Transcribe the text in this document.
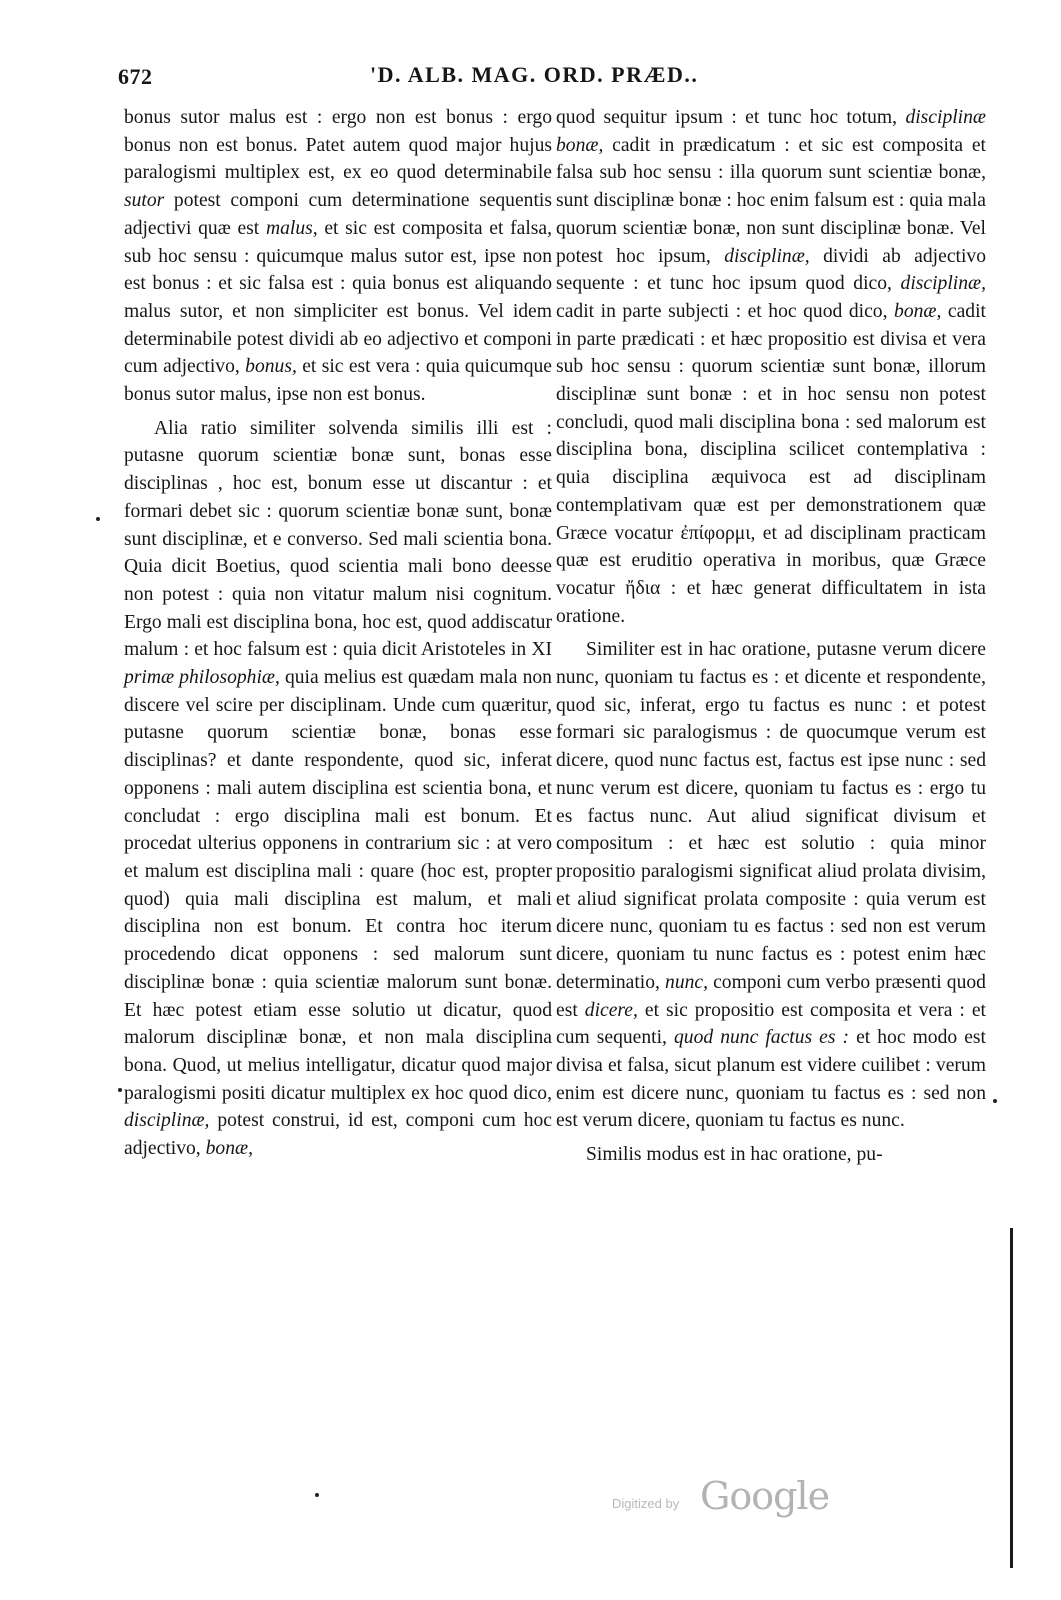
672	'D. ALB. MAG. ORD. PRÆD..

bonus sutor malus est : ergo non est bonus : ergo bonus non est bonus. Patet autem quod major hujus paralogismi multiplex est, ex eo quod determinabile sutor potest componi cum determinatione sequentis adjectivi quæ est malus, et sic est composita et falsa, sub hoc sensu : quicumque malus sutor est, ipse non est bonus : et sic falsa est : quia bonus est aliquando malus sutor, et non simpliciter est bonus. Vel idem determinabile potest dividi ab eo adjectivo et componi cum adjectivo, bonus, et sic est vera : quia quicumque bonus sutor malus, ipse non est bonus.

Alia ratio similiter solvenda similis illi est : putasne quorum scientiæ bonæ sunt, bonas esse disciplinas , hoc est, bonum esse ut discantur : et formari debet sic : quorum scientiæ bonæ sunt, bonæ sunt disciplinæ, et e converso. Sed mali scientia bona. Quia dicit Boetius, quod scientia mali bono deesse non potest : quia non vitatur malum nisi cognitum. Ergo mali est disciplina bona, hoc est, quod addiscatur malum : et hoc falsum est : quia dicit Aristoteles in XI primæ philosophiæ, quia melius est quædam mala non discere vel scire per disciplinam. Unde cum quæritur, putasne quorum scientiæ bonæ, bonas esse disciplinas? et dante respondente, quod sic, inferat opponens : mali autem disciplina est scientia bona, et concludat : ergo disciplina mali est bonum. Et procedat ulterius opponens in contrarium sic : at vero et malum est disciplina mali : quare (hoc est, propter quod) quia mali disciplina est malum, et mali disciplina non est bonum. Et contra hoc iterum procedendo dicat opponens : sed malorum sunt disciplinæ bonæ : quia scientiæ malorum sunt bonæ. Et hæc potest etiam esse solutio ut dicatur, quod malorum disciplinæ bonæ, et non mala disciplina bona. Quod, ut melius intelligatur, dicatur quod major paralogismi positi dicatur multiplex ex hoc quod dico, disciplinæ, potest construi, id est, componi cum hoc adjectivo, bonæ,

quod sequitur ipsum : et tunc hoc totum, disciplinæ bonæ, cadit in prædicatum : et sic est composita et falsa sub hoc sensu : illa quorum sunt scientiæ bonæ, sunt disciplinæ bonæ : hoc enim falsum est : quia mala quorum scientiæ bonæ, non sunt disciplinæ bonæ. Vel potest hoc ipsum, disciplinæ, dividi ab adjectivo sequente : et tunc hoc ipsum quod dico, disciplinæ, cadit in parte subjecti : et hoc quod dico, bonæ, cadit in parte prædicati : et hæc propositio est divisa et vera sub hoc sensu : quorum scientiæ sunt bonæ, illorum disciplinæ sunt bonæ : et in hoc sensu non potest concludi, quod mali disciplina bona : sed malorum est disciplina bona, disciplina scilicet contemplativa : quia disciplina æquivoca est ad disciplinam contemplativam quæ est per demonstrationem quæ Græce vocatur ἐπίφορμι, et ad disciplinam practicam quæ est eruditio operativa in moribus, quæ Græce vocatur ἤδια : et hæc generat difficultatem in ista oratione.

Similiter est in hac oratione, putasne verum dicere nunc, quoniam tu factus es : et dicente et respondente, quod sic, inferat, ergo tu factus es nunc : et potest formari sic paralogismus : de quocumque verum est dicere, quod nunc factus est, factus est ipse nunc : sed nunc verum est dicere, quoniam tu factus es : ergo tu es factus nunc. Aut aliud significat divisum et compositum : et hæc est solutio : quia minor propositio paralogismi significat aliud prolata divisim, et aliud significat prolata composite : quia verum est dicere nunc, quoniam tu es factus : sed non est verum dicere, quoniam tu nunc factus es : potest enim hæc determinatio, nunc, componi cum verbo præsenti quod est dicere, et sic propositio est composita et vera : et cum sequenti, quod nunc factus es : et hoc modo est divisa et falsa, sicut planum est videre cuilibet : verum enim est dicere nunc, quoniam tu factus es : sed non est verum dicere, quoniam tu factus es nunc.

Similis modus est in hac oratione, pu-

Digitized by Google
